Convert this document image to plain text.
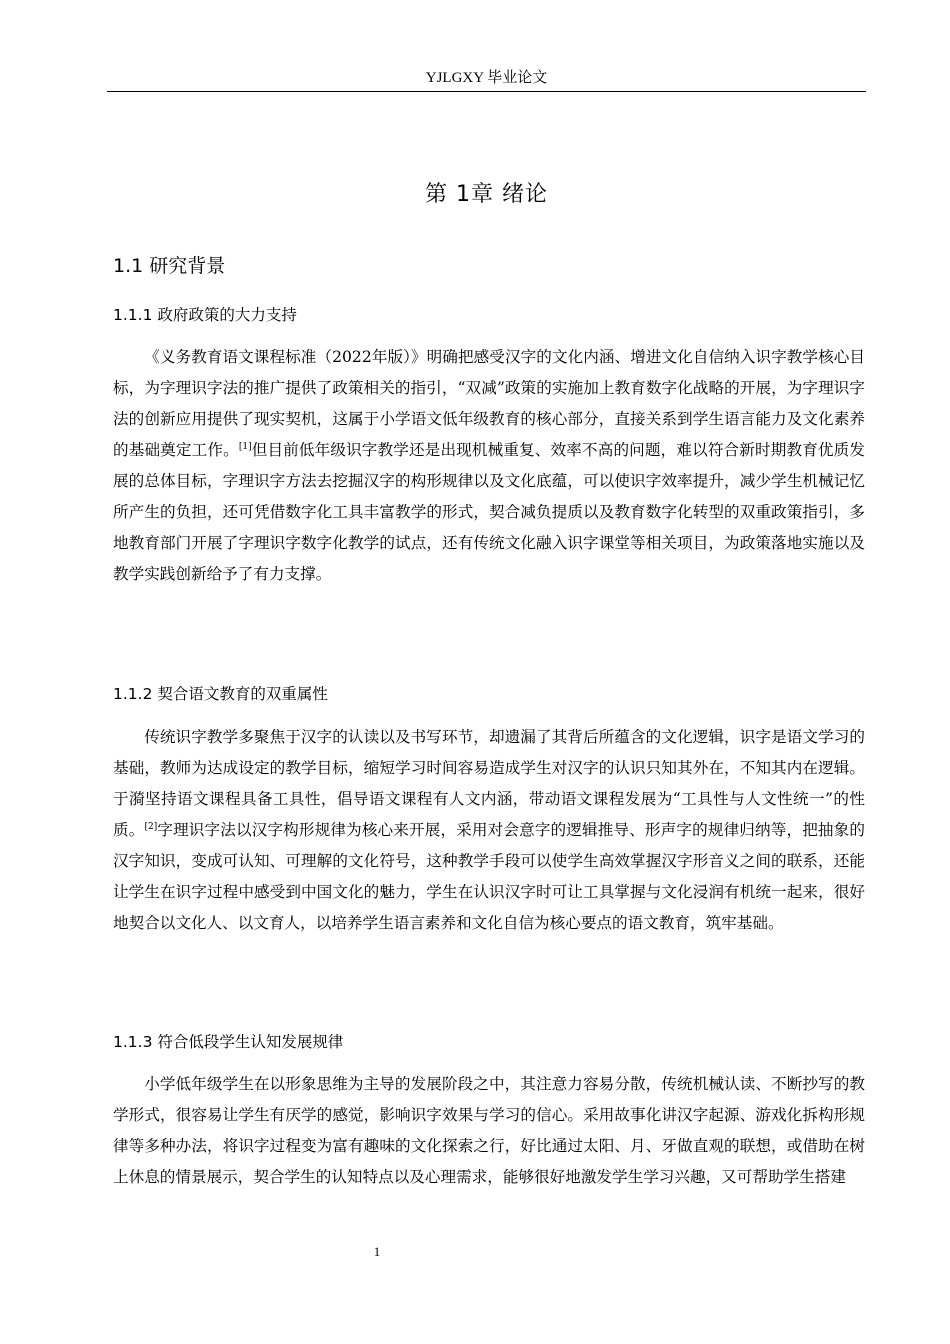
YJLGXY 毕业论文
第 1章 绪论
1.1 研究背景
1.1.1 政府政策的大力支持

《义务教育语文课程标准（2022年版）》明确把感受汉字的文化内涵、增进文化自信纳入识字教学核心目标，为字理识字法的推广提供了政策相关的指引，“双减”政策的实施加上教育数字化战略的开展，为字理识字法的创新应用提供了现实契机，这属于小学语文低年级教育的核心部分，直接关系到学生语言能力及文化素养的基础奠定工作。[1]但目前低年级识字教学还是出现机械重复、效率不高的问题，难以符合新时期教育优质发展的总体目标，字理识字方法去挖掘汉字的构形规律以及文化底蕴，可以使识字效率提升，减少学生机械记忆所产生的负担，还可凭借数字化工具丰富教学的形式，契合减负提质以及教育数字化转型的双重政策指引，多地教育部门开展了字理识字数字化教学的试点，还有传统文化融入识字课堂等相关项目，为政策落地实施以及教学实践创新给予了有力支撑。

1.1.2 契合语文教育的双重属性

传统识字教学多聚焦于汉字的认读以及书写环节，却遗漏了其背后所蕴含的文化逻辑，识字是语文学习的基础，教师为达成设定的教学目标，缩短学习时间容易造成学生对汉字的认识只知其外在，不知其内在逻辑。于漪坚持语文课程具备工具性，倡导语文课程有人文内涵，带动语文课程发展为“工具性与人文性统一”的性质。[2]字理识字法以汉字构形规律为核心来开展，采用对会意字的逻辑推导、形声字的规律归纳等，把抽象的汉字知识，变成可认知、可理解的文化符号，这种教学手段可以使学生高效掌握汉字形音义之间的联系，还能让学生在识字过程中感受到中国文化的魅力，学生在认识汉字时可让工具掌握与文化浸润有机统一起来，很好地契合以文化人、以文育人，以培养学生语言素养和文化自信为核心要点的语文教育，筑牢基础。

1.1.3 符合低段学生认知发展规律

小学低年级学生在以形象思维为主导的发展阶段之中，其注意力容易分散，传统机械认读、不断抄写的教学形式，很容易让学生有厌学的感觉，影响识字效果与学习的信心。采用故事化讲汉字起源、游戏化拆构形规律等多种办法，将识字过程变为富有趣味的文化探索之行，好比通过太阳、月、牙做直观的联想，或借助在树上休息的情景展示，契合学生的认知特点以及心理需求，能够很好地激发学生学习兴趣，又可帮助学生搭建

1
